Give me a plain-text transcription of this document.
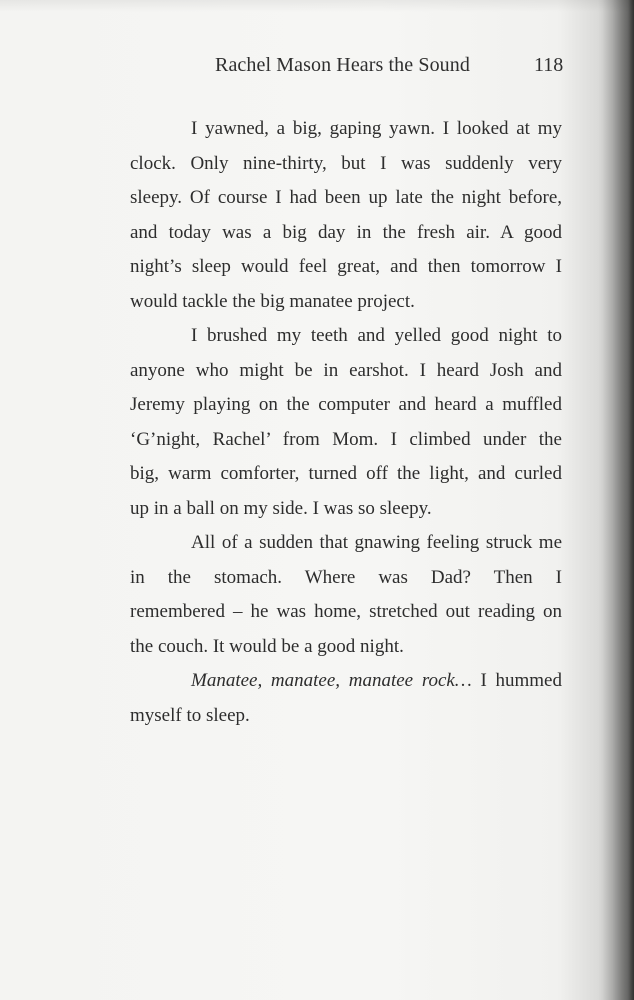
Rachel Mason Hears the Sound	118
I yawned, a big, gaping yawn. I looked at my
clock. Only nine-thirty, but I was suddenly very
sleepy. Of course I had been up late the night before,
and today was a big day in the fresh air. A good
night’s sleep would feel great, and then tomorrow I
would tackle the big manatee project.
I brushed my teeth and yelled good night to
anyone who might be in earshot. I heard Josh and
Jeremy playing on the computer and heard a muffled
‘G’night, Rachel’ from Mom. I climbed under the
big, warm comforter, turned off the light, and curled
up in a ball on my side. I was so sleepy.
All of a sudden that gnawing feeling struck me
in the stomach. Where was Dad? Then I
remembered – he was home, stretched out reading on
the couch. It would be a good night.
Manatee, manatee, manatee rock… I hummed
myself to sleep.
